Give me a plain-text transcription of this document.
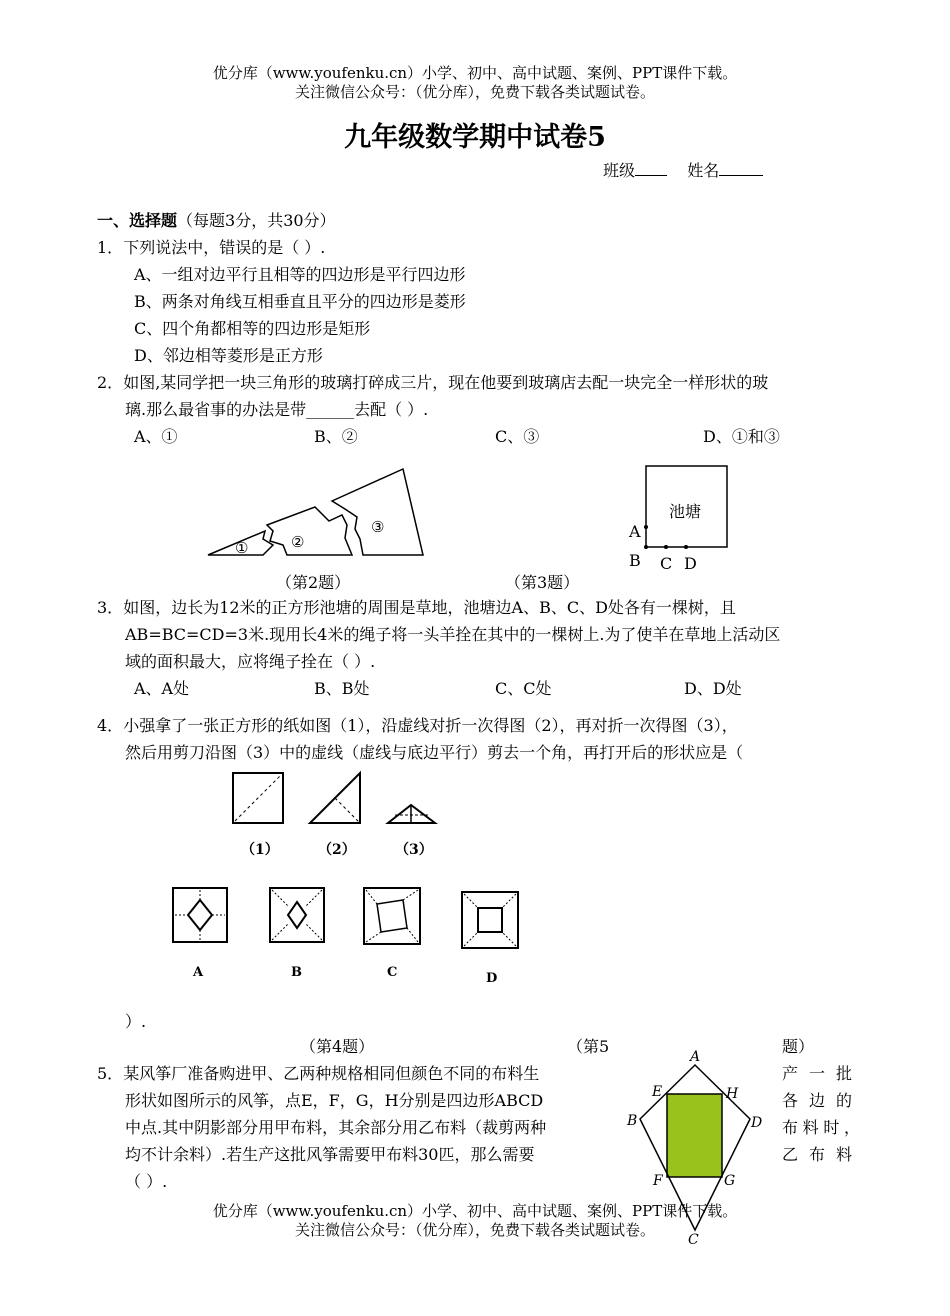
优分库（www.youfenku.cn）小学、初中、高中试题、案例、PPT课件下载。
关注微信公众号：（优分库），免费下载各类试题试卷。
九年级数学期中试卷5
班级	姓名
一、选择题（每题3分，共30分）
1．下列说法中，错误的是（ ）.
A、一组对边平行且相等的四边形是平行四边形
B、两条对角线互相垂直且平分的四边形是菱形
C、四个角都相等的四边形是矩形
D、邻边相等菱形是正方形
2．如图,某同学把一块三角形的玻璃打碎成三片，现在他要到玻璃店去配一块完全一样形状的玻
璃.那么最省事的办法是带______去配（ ）.
A、①	B、②	C、③	D、①和③
①	②
③
（第2题）
池塘
A
B C D
（第3题）
3．如图，边长为12米的正方形池塘的周围是草地，池塘边A、B、C、D处各有一棵树，且
AB=BC=CD=3米.现用长4米的绳子将一头羊拴在其中的一棵树上.为了使羊在草地上活动区
域的面积最大，应将绳子拴在（ ）.
A、A处	B、B处	C、C处	D、D处
4．小强拿了一张正方形的纸如图（1），沿虚线对折一次得图（2），再对折一次得图（3），
然后用剪刀沿图（3）中的虚线（虚线与底边平行）剪去一个角，再打开后的形状应是（
（1）	（2）	（3）
A	B	C	D
）.
（第4题）	（第5	题）
5．某风筝厂准备购进甲、乙两种规格相同但颜色不同的布料生	产一批
形状如图所示的风筝，点E，F，G，H分别是四边形ABCD	各边的
中点.其中阴影部分用甲布料，其余部分用乙布料（裁剪两种	布料时，
均不计余料）.若生产这批风筝需要甲布料30匹，那么需要	乙布料
（ ）.
A
B
C
D
E
F	G
H
优分库（www.youfenku.cn）小学、初中、高中试题、案例、PPT课件下载。
关注微信公众号：（优分库），免费下载各类试题试卷。
